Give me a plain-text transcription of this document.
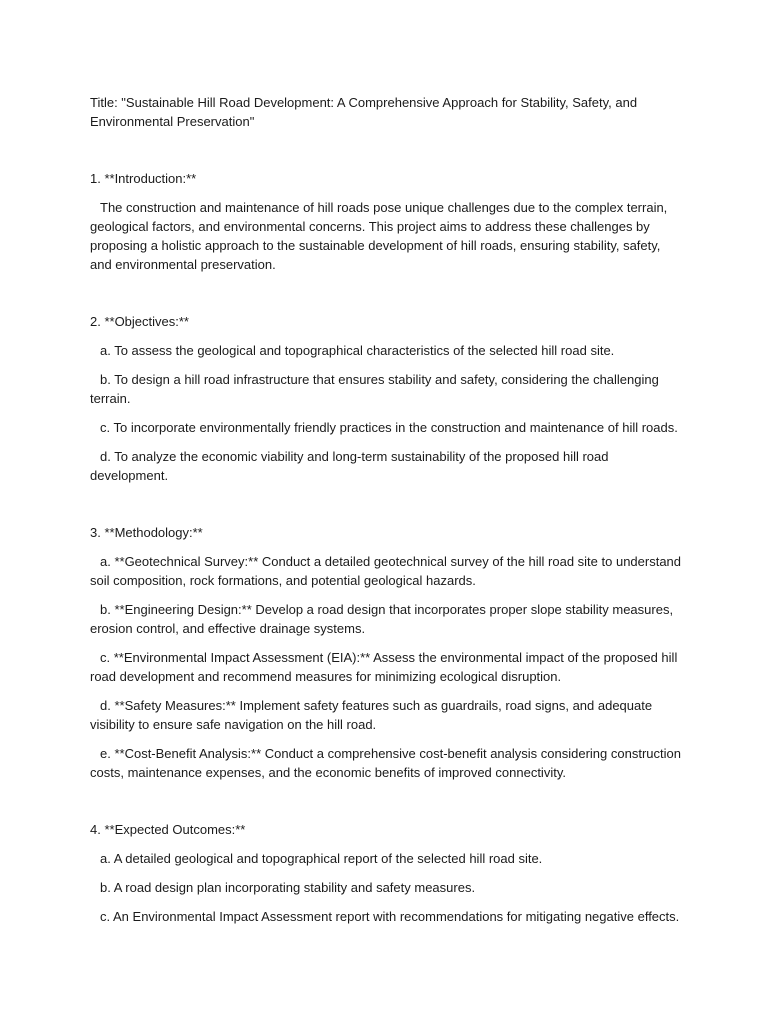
Title: "Sustainable Hill Road Development: A Comprehensive Approach for Stability, Safety, and Environmental Preservation"

1. **Introduction:**

The construction and maintenance of hill roads pose unique challenges due to the complex terrain, geological factors, and environmental concerns. This project aims to address these challenges by proposing a holistic approach to the sustainable development of hill roads, ensuring stability, safety, and environmental preservation.

2. **Objectives:**

a. To assess the geological and topographical characteristics of the selected hill road site.

b. To design a hill road infrastructure that ensures stability and safety, considering the challenging terrain.

c. To incorporate environmentally friendly practices in the construction and maintenance of hill roads.

d. To analyze the economic viability and long-term sustainability of the proposed hill road development.

3. **Methodology:**

a. **Geotechnical Survey:** Conduct a detailed geotechnical survey of the hill road site to understand soil composition, rock formations, and potential geological hazards.

b. **Engineering Design:** Develop a road design that incorporates proper slope stability measures, erosion control, and effective drainage systems.

c. **Environmental Impact Assessment (EIA):** Assess the environmental impact of the proposed hill road development and recommend measures for minimizing ecological disruption.

d. **Safety Measures:** Implement safety features such as guardrails, road signs, and adequate visibility to ensure safe navigation on the hill road.

e. **Cost-Benefit Analysis:** Conduct a comprehensive cost-benefit analysis considering construction costs, maintenance expenses, and the economic benefits of improved connectivity.

4. **Expected Outcomes:**

a. A detailed geological and topographical report of the selected hill road site.

b. A road design plan incorporating stability and safety measures.

c. An Environmental Impact Assessment report with recommendations for mitigating negative effects.
